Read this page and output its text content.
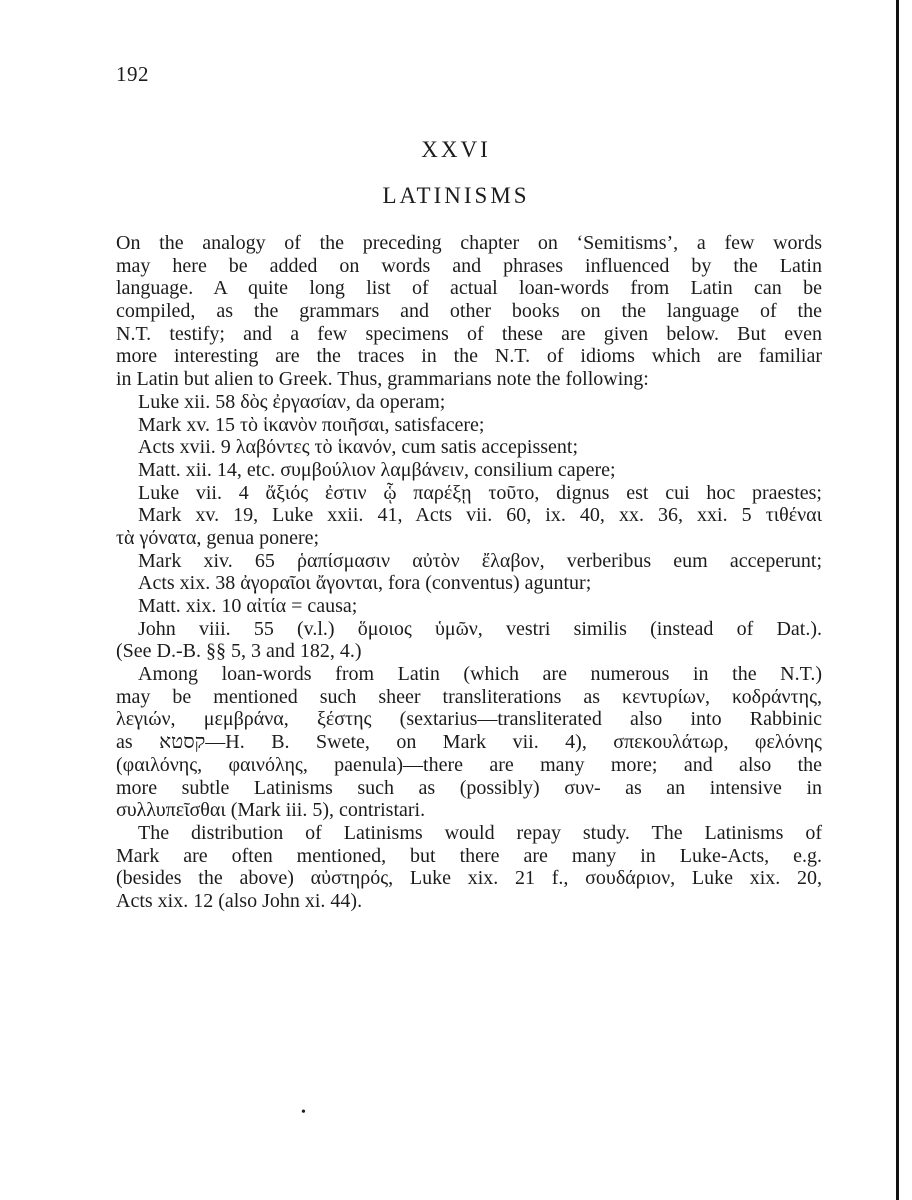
192
XXVI
LATINISMS
On the analogy of the preceding chapter on ‘Semitisms’, a few words
may here be added on words and phrases influenced by the Latin
language. A quite long list of actual loan-words from Latin can be
compiled, as the grammars and other books on the language of the
N.T. testify; and a few specimens of these are given below. But even
more interesting are the traces in the N.T. of idioms which are familiar
in Latin but alien to Greek. Thus, grammarians note the following:
Luke xii. 58 δὸς ἐργασίαν, da operam;
Mark xv. 15 τὸ ἱκανὸν ποιῆσαι, satisfacere;
Acts xvii. 9 λαβόντες τὸ ἱκανόν, cum satis accepissent;
Matt. xii. 14, etc. συμβούλιον λαμβάνειν, consilium capere;
Luke vii. 4 ἄξιός ἐστιν ᾧ παρέξῃ τοῦτο, dignus est cui hoc praestes;
Mark xv. 19, Luke xxii. 41, Acts vii. 60, ix. 40, xx. 36, xxi. 5 τιθέναι
τὰ γόνατα, genua ponere;
Mark xiv. 65 ῥαπίσμασιν αὐτὸν ἔλαβον, verberibus eum acceperunt;
Acts xix. 38 ἀγοραῖοι ἄγονται, fora (conventus) aguntur;
Matt. xix. 10 αἰτία = causa;
John viii. 55 (v.l.) ὅμοιος ὑμῶν, vestri similis (instead of Dat.).
(See D.-B. §§ 5, 3 and 182, 4.)
Among loan-words from Latin (which are numerous in the N.T.)
may be mentioned such sheer transliterations as κεντυρίων, κοδράντης,
λεγιών, μεμβράνα, ξέστης (sextarius—transliterated also into Rabbinic
as קסטא—H. B. Swete, on Mark vii. 4), σπεκουλάτωρ, φελόνης
(φαιλόνης, φαινόλης, paenula)—there are many more; and also the
more subtle Latinisms such as (possibly) συν- as an intensive in
συλλυπεῖσθαι (Mark iii. 5), contristari.
The distribution of Latinisms would repay study. The Latinisms of
Mark are often mentioned, but there are many in Luke-Acts, e.g.
(besides the above) αὐστηρός, Luke xix. 21 f., σουδάριον, Luke xix. 20,
Acts xix. 12 (also John xi. 44).
•
